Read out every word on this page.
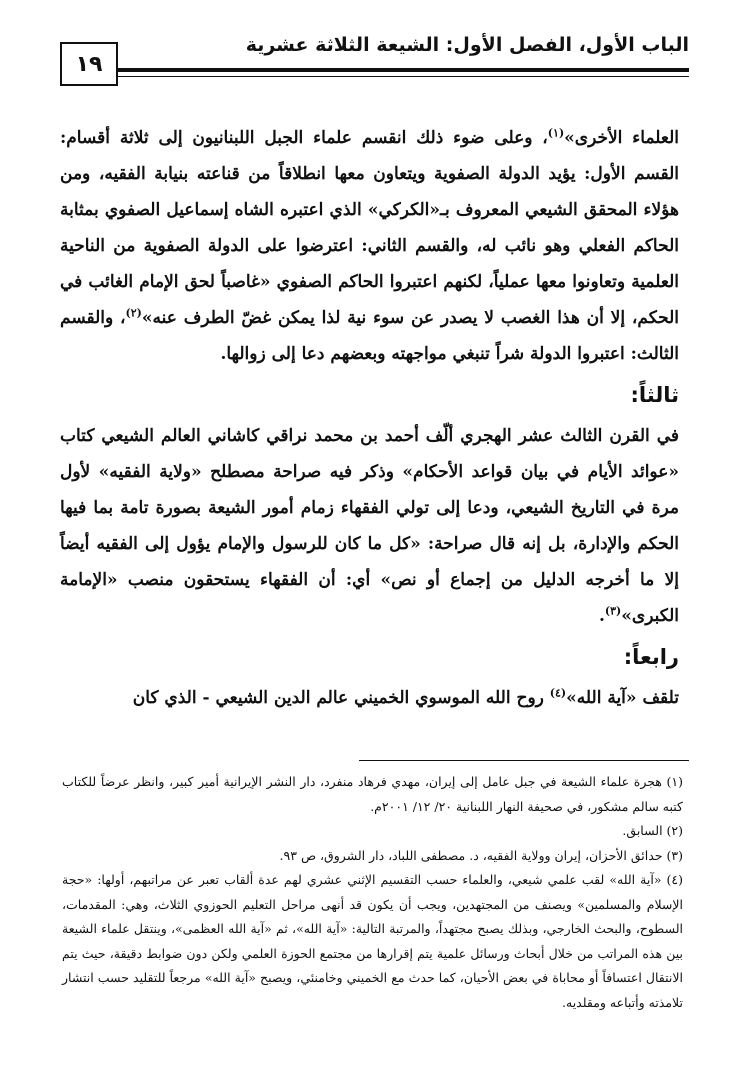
الباب الأول، الفصل الأول: الشيعة الثلاثة عشرية
١٩

العلماء الأخرى»$^{(١)}$، وعلى ضوء ذلك انقسم علماء الجبل اللبنانيون إلى ثلاثة أقسام: القسم الأول: يؤيد الدولة الصفوية ويتعاون معها انطلاقاً من قناعته بنيابة الفقيه، ومن هؤلاء المحقق الشيعي المعروف بـ«الكركي» الذي اعتبره الشاه إسماعيل الصفوي بمثابة الحاكم الفعلي وهو نائب له، والقسم الثاني: اعترضوا على الدولة الصفوية من الناحية العلمية وتعاونوا معها عملياً، لكنهم اعتبروا الحاكم الصفوي «غاصباً لحق الإمام الغائب في الحكم، إلا أن هذا الغصب لا يصدر عن سوء نية لذا يمكن غضّ الطرف عنه»$^{(٢)}$، والقسم الثالث: اعتبروا الدولة شراً تنبغي مواجهته وبعضهم دعا إلى زوالها.

ثالثاً:

في القرن الثالث عشر الهجري ألّف أحمد بن محمد نراقي كاشاني العالم الشيعي كتاب «عوائد الأيام في بيان قواعد الأحكام» وذكر فيه صراحة مصطلح «ولاية الفقيه» لأول مرة في التاريخ الشيعي، ودعا إلى تولي الفقهاء زمام أمور الشيعة بصورة تامة بما فيها الحكم والإدارة، بل إنه قال صراحة: «كل ما كان للرسول والإمام يؤول إلى الفقيه أيضاً إلا ما أخرجه الدليل من إجماع أو نص» أي: أن الفقهاء يستحقون منصب «الإمامة الكبرى»$^{(٣)}$.

رابعاً:

تلقف «آية الله»$^{(٤)}$ روح الله الموسوي الخميني عالم الدين الشيعي - الذي كان

(١) هجرة علماء الشيعة في جبل عامل إلى إيران، مهدي فرهاد منفرد، دار النشر الإيرانية أمير كبير، وانظر عرضاً للكتاب كتبه سالم مشكور، في صحيفة النهار اللبنانية ٢٠/ ١٢/ ٢٠٠١م.

(٢) السابق.

(٣) حدائق الأحزان، إيران وولاية الفقيه، د. مصطفى اللباد، دار الشروق، ص ٩٣.

(٤) «آية الله» لقب علمي شيعي، والعلماء حسب التقسيم الإثني عشري لهم عدة ألقاب تعبر عن مراتبهم، أولها: «حجة الإسلام والمسلمين» ويصنف من المجتهدين، ويجب أن يكون قد أنهى مراحل التعليم الحوزوي الثلاث، وهي: المقدمات، السطوح، والبحث الخارجي، وبذلك يصبح مجتهداً، والمرتبة التالية: «آية الله»، ثم «آية الله العظمى»، وينتقل علماء الشيعة بين هذه المراتب من خلال أبحاث ورسائل علمية يتم إقرارها من مجتمع الحوزة العلمي ولكن دون ضوابط دقيقة، حيث يتم الانتقال اعتسافاً أو محاباة في بعض الأحيان، كما حدث مع الخميني وخامنئي، ويصبح «آية الله» مرجعاً للتقليد حسب انتشار تلامذته وأتباعه ومقلديه.
